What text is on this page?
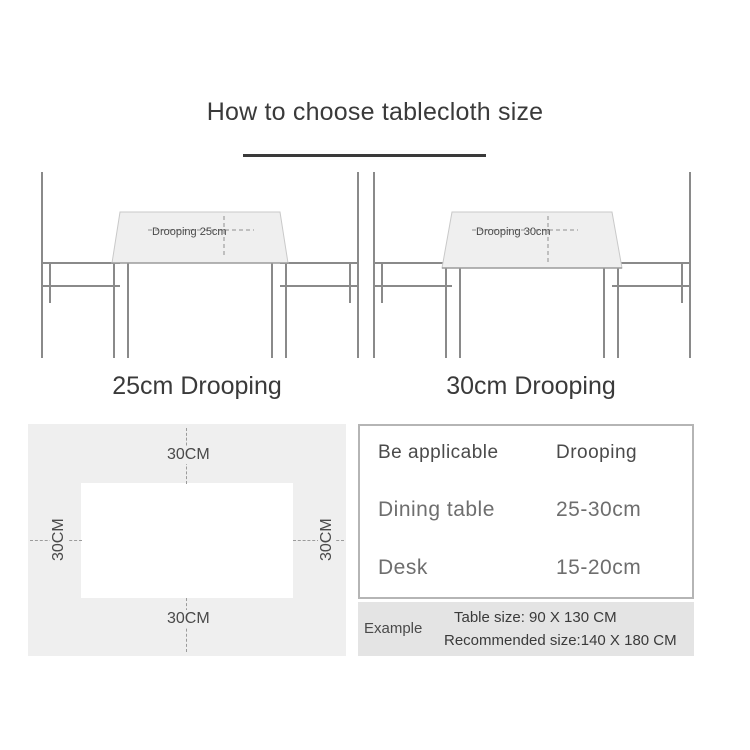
How to choose tablecloth size
Drooping 25cm	Drooping 30cm
25cm Drooping	30cm Drooping
30CM
30CM
30CM	30CM
Be applicable	Drooping
Dining table	25-30cm
Desk	15-20cm
Example
Table size: 90 X 130 CM
Recommended size:140 X 180 CM
